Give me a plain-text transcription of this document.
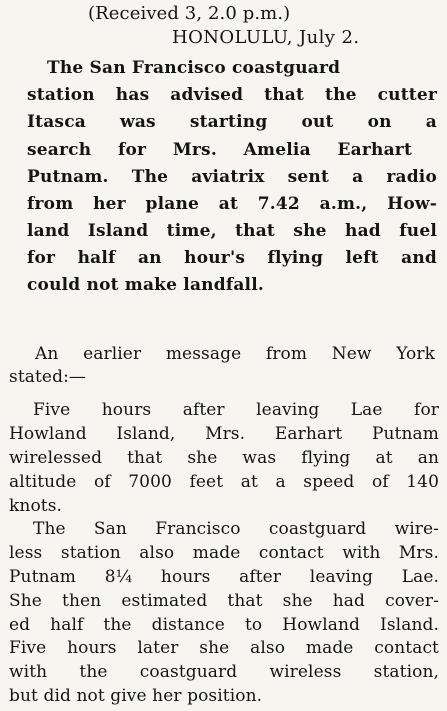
(Received 3, 2.0 p.m.)
HONOLULU, July 2.
The San Francisco coastguard
station has advised that the cutter
Itasca was starting out on a
search for Mrs. Amelia Earhart
Putnam. The aviatrix sent a radio
from her plane at 7.42 a.m., How-
land Island time, that she had fuel
for half an hour's flying left and
could not make landfall.
An earlier message from New York
stated:—
Five hours after leaving Lae for
Howland Island, Mrs. Earhart Putnam
wirelessed that she was flying at an
altitude of 7000 feet at a speed of 140
knots.
The San Francisco coastguard wire-
less station also made contact with Mrs.
Putnam 8¼ hours after leaving Lae.
She then estimated that she had cover-
ed half the distance to Howland Island.
Five hours later she also made contact
with the coastguard wireless station,
but did not give her position.
